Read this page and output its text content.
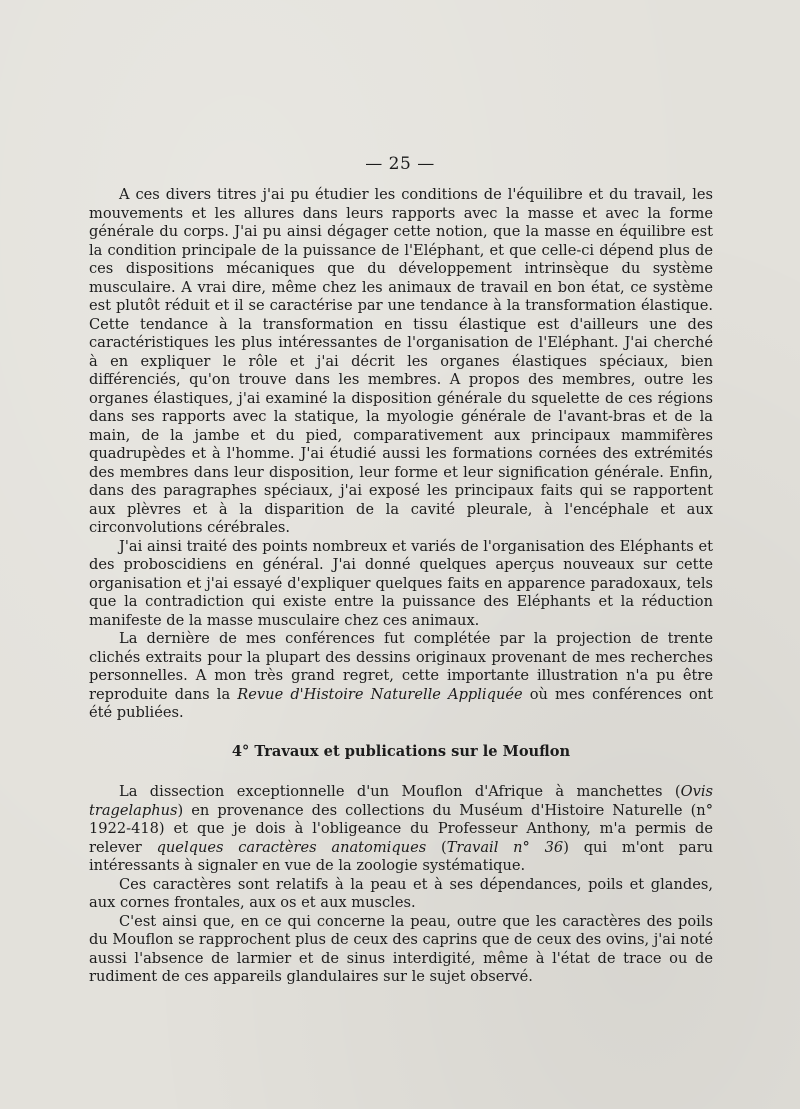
— 25 —

A ces divers titres j'ai pu étudier les conditions de l'équilibre et du travail, les mouvements et les allures dans leurs rapports avec la masse et avec la forme générale du corps. J'ai pu ainsi dégager cette notion, que la masse en équilibre est la condition principale de la puissance de l'Eléphant, et que celle-ci dépend plus de ces dispositions mécaniques que du développement intrinsèque du système musculaire. A vrai dire, même chez les animaux de travail en bon état, ce système est plutôt réduit et il se caractérise par une tendance à la transformation élastique. Cette tendance à la transformation en tissu élastique est d'ailleurs une des caractéristiques les plus intéressantes de l'organisation de l'Eléphant. J'ai cherché à en expliquer le rôle et j'ai décrit les organes élastiques spéciaux, bien différenciés, qu'on trouve dans les membres. A propos des membres, outre les organes élastiques, j'ai examiné la disposition générale du squelette de ces régions dans ses rapports avec la statique, la myologie générale de l'avant-bras et de la main, de la jambe et du pied, comparativement aux principaux mammifères quadrupèdes et à l'homme. J'ai étudié aussi les formations cornées des extrémités des membres dans leur disposition, leur forme et leur signification générale. Enfin, dans des paragraphes spéciaux, j'ai exposé les principaux faits qui se rapportent aux plèvres et à la disparition de la cavité pleurale, à l'encéphale et aux circonvolutions cérébrales.

J'ai ainsi traité des points nombreux et variés de l'organisation des Eléphants et des proboscidiens en général. J'ai donné quelques aperçus nouveaux sur cette organisation et j'ai essayé d'expliquer quelques faits en apparence paradoxaux, tels que la contradiction qui existe entre la puissance des Eléphants et la réduction manifeste de la masse musculaire chez ces animaux.

La dernière de mes conférences fut complétée par la projection de trente clichés extraits pour la plupart des dessins originaux provenant de mes recherches personnelles. A mon très grand regret, cette importante illustration n'a pu être reproduite dans la Revue d'Histoire Naturelle Appliquée où mes conférences ont été publiées.

4° Travaux et publications sur le Mouflon

La dissection exceptionnelle d'un Mouflon d'Afrique à manchettes (Ovis tragelaphus) en provenance des collections du Muséum d'Histoire Naturelle (n° 1922-418) et que je dois à l'obligeance du Professeur Anthony, m'a permis de relever quelques caractères anatomiques (Travail n° 36) qui m'ont paru intéressants à signaler en vue de la zoologie systématique.

Ces caractères sont relatifs à la peau et à ses dépendances, poils et glandes, aux cornes frontales, aux os et aux muscles.

C'est ainsi que, en ce qui concerne la peau, outre que les caractères des poils du Mouflon se rapprochent plus de ceux des caprins que de ceux des ovins, j'ai noté aussi l'absence de larmier et de sinus interdigité, même à l'état de trace ou de rudiment de ces appareils glandulaires sur le sujet observé.
